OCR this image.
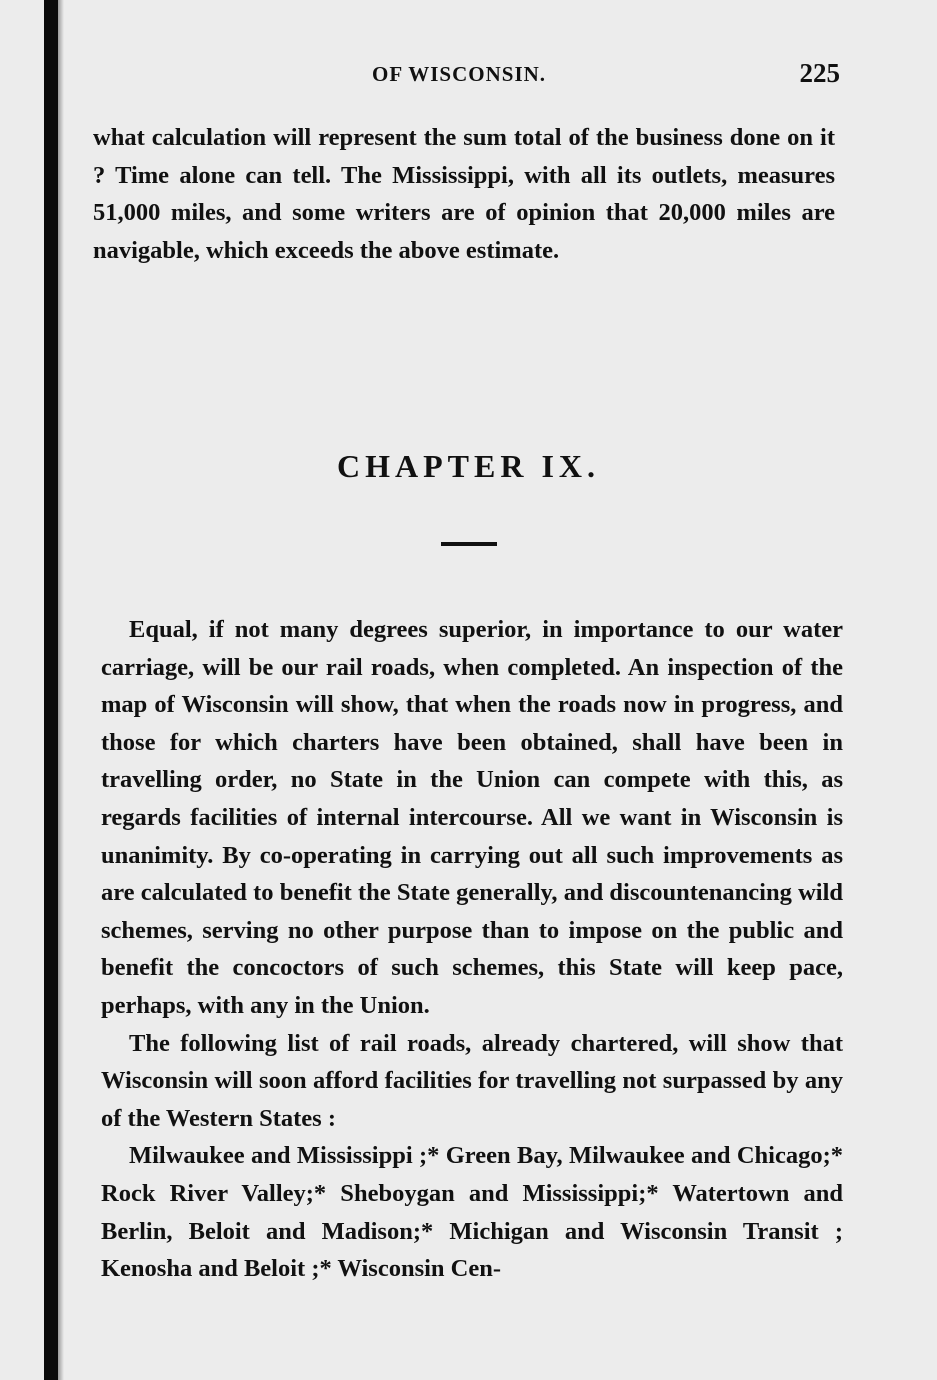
OF WISCONSIN.	225

what calculation will represent the sum total of the business done on it ? Time alone can tell. The Mississippi, with all its outlets, measures 51,000 miles, and some writers are of opinion that 20,000 miles are navigable, which exceeds the above estimate.

CHAPTER IX.

Equal, if not many degrees superior, in importance to our water carriage, will be our rail roads, when completed. An inspection of the map of Wisconsin will show, that when the roads now in progress, and those for which charters have been obtained, shall have been in travelling order, no State in the Union can compete with this, as regards facilities of internal intercourse. All we want in Wisconsin is unanimity. By co-operating in carrying out all such improvements as are calculated to benefit the State generally, and discountenancing wild schemes, serving no other purpose than to impose on the public and benefit the concoctors of such schemes, this State will keep pace, perhaps, with any in the Union.

The following list of rail roads, already chartered, will show that Wisconsin will soon afford facilities for travelling not surpassed by any of the Western States :

Milwaukee and Mississippi ;* Green Bay, Milwaukee and Chicago;* Rock River Valley;* Sheboygan and Mississippi;* Watertown and Berlin, Beloit and Madison;* Michigan and Wisconsin Transit ; Kenosha and Beloit ;* Wisconsin Cen-
